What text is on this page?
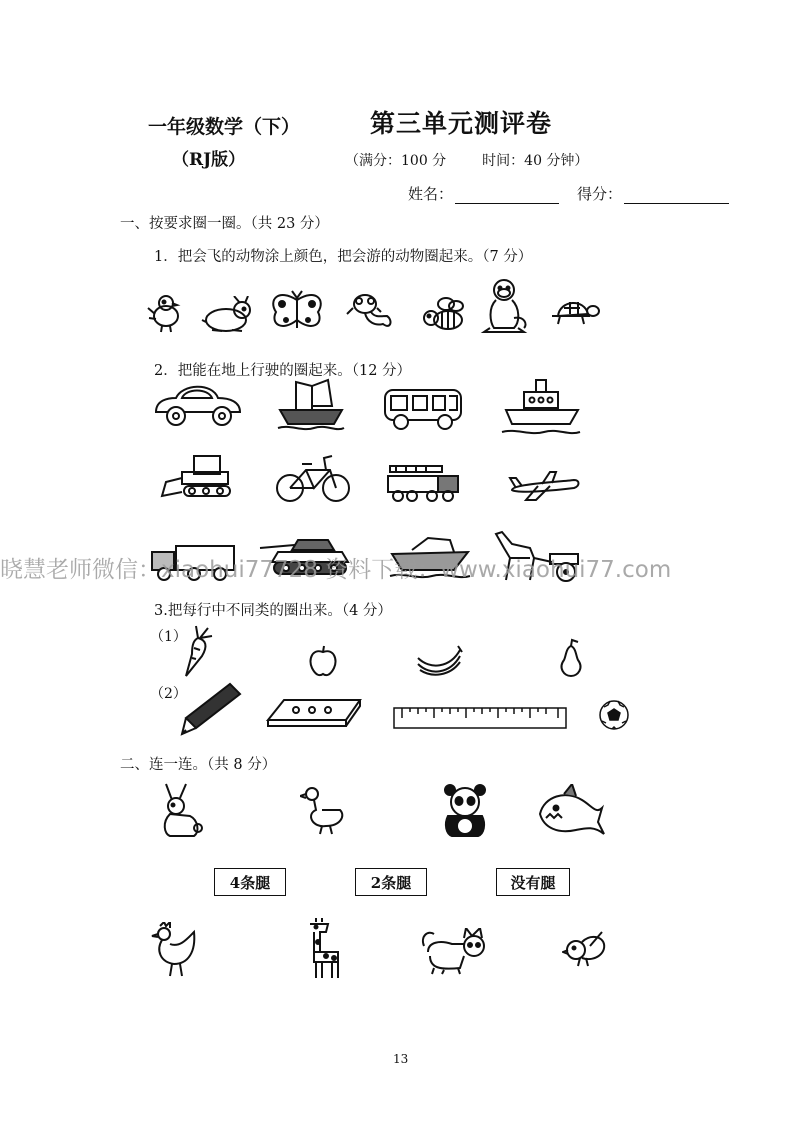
一年级数学（下）
（RJ版）
第三单元测评卷
（满分：100 分	时间：40 分钟）
姓名：	得分：
一、按要求圈一圈。（共 23 分）
1．把会飞的动物涂上颜色，把会游的动物圈起来。（7 分）
2．把能在地上行驶的圈起来。（12 分）
晓慧老师微信：xiaohui77728 资料下载：www.xiaohui77.com
3.把每行中不同类的圈出来。（4 分）
（1）
（2）
二、连一连。（共 8 分）
4条腿	2条腿	没有腿
13
